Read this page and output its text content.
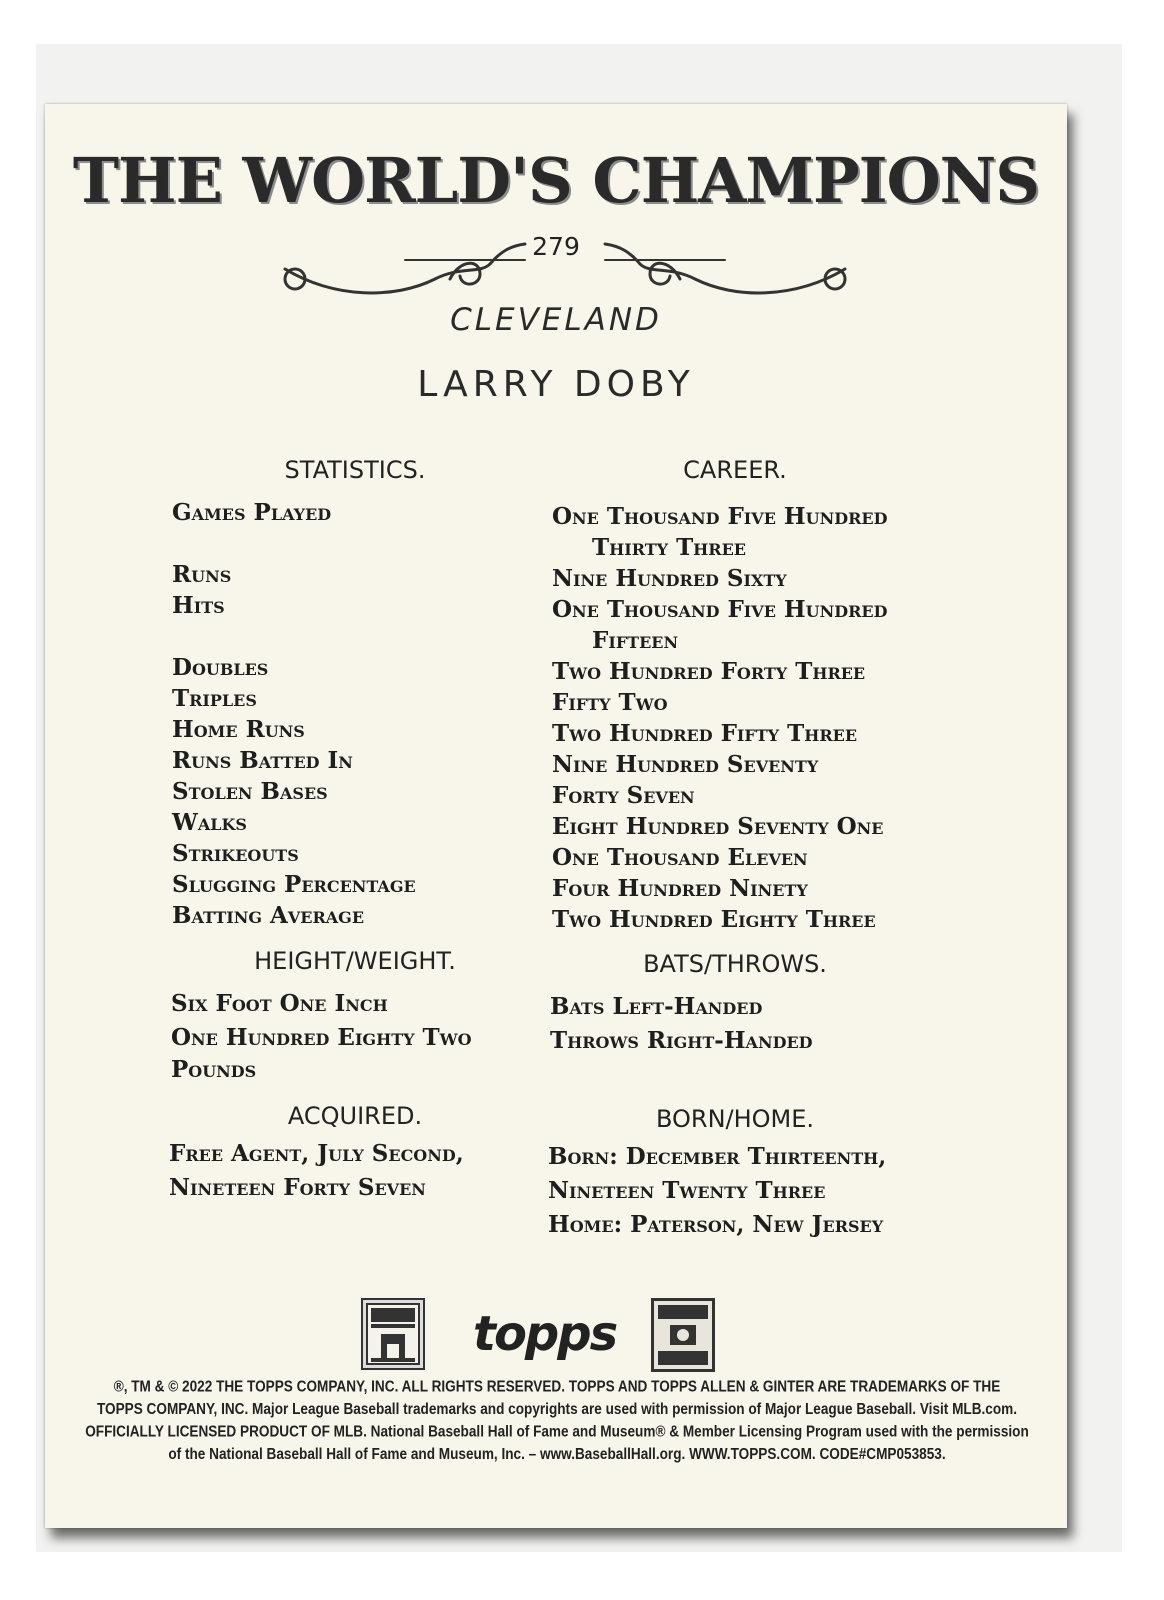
THE WORLD'S CHAMPIONS
279
CLEVELAND
LARRY DOBY
STATISTICS.	CAREER.
Games Played	One Thousand Five Hundred
Thirty Three
Runs	Nine Hundred Sixty
Hits	One Thousand Five Hundred
Fifteen
Doubles	Two Hundred Forty Three
Triples	Fifty Two
Home Runs	Two Hundred Fifty Three
Runs Batted In	Nine Hundred Seventy
Stolen Bases	Forty Seven
Walks	Eight Hundred Seventy One
Strikeouts	One Thousand Eleven
Slugging Percentage	Four Hundred Ninety
Batting Average	Two Hundred Eighty Three
HEIGHT/WEIGHT.	BATS/THROWS.
Six Foot One Inch
One Hundred Eighty Two
Pounds
Bats Left-Handed
Throws Right-Handed
ACQUIRED.	BORN/HOME.
Free Agent, July Second,
Nineteen Forty Seven
Born: December Thirteenth,
Nineteen Twenty Three
Home: Paterson, New Jersey
topps
®, TM & © 2022 THE TOPPS COMPANY, INC. ALL RIGHTS RESERVED. TOPPS AND TOPPS ALLEN & GINTER ARE TRADEMARKS OF THE
TOPPS COMPANY, INC. Major League Baseball trademarks and copyrights are used with permission of Major League Baseball. Visit MLB.com.
OFFICIALLY LICENSED PRODUCT OF MLB. National Baseball Hall of Fame and Museum® & Member Licensing Program used with the permission
of the National Baseball Hall of Fame and Museum, Inc. – www.BaseballHall.org. WWW.TOPPS.COM. CODE#CMP053853.
